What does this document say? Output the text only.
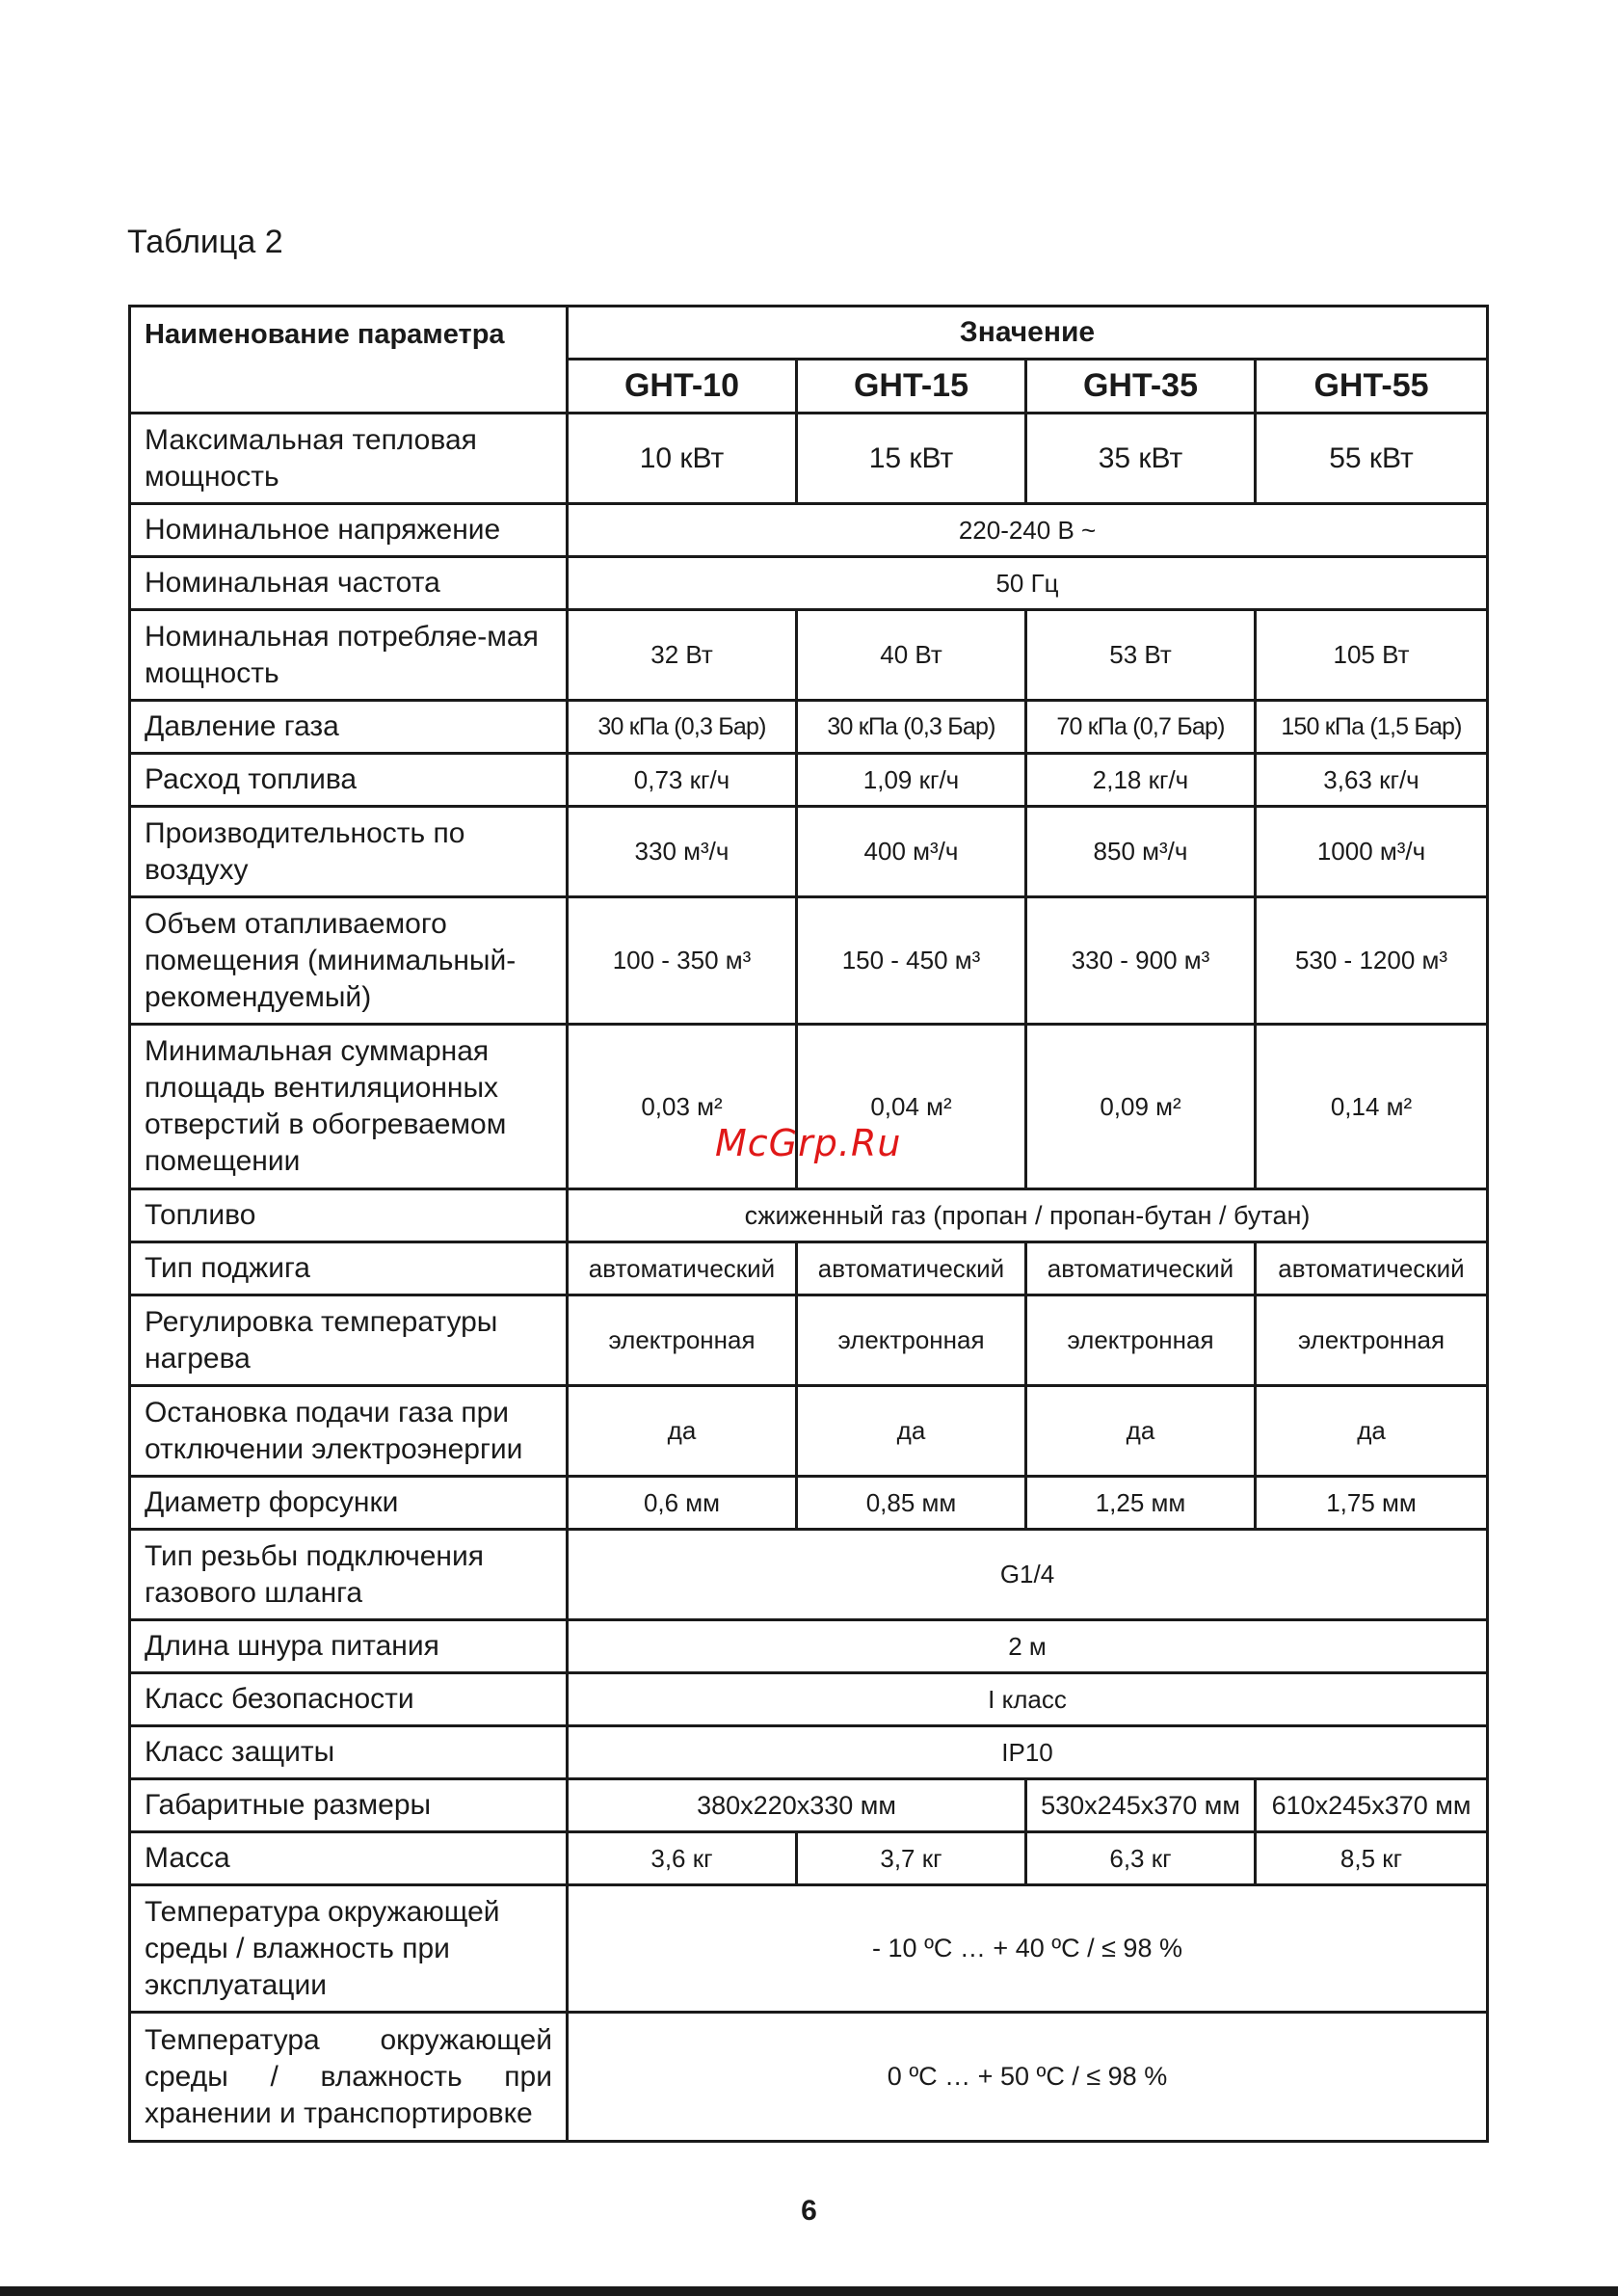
Таблица 2
Наименование параметра	Значение			
	GHT-10	GHT-15	GHT-35	GHT-55
Максимальная тепловая мощность	10 кВт	15 кВт	35 кВт	55 кВт
Номинальное напряжение	220-240 В ~			
Номинальная частота	50 Гц			
Номинальная потребляе-мая мощность	32 Вт	40 Вт	53 Вт	105 Вт
Давление газа	30 кПа (0,3 Бар)	30 кПа (0,3 Бар)	70 кПа (0,7 Бар)	150 кПа (1,5 Бар)
Расход топлива	0,73 кг/ч	1,09 кг/ч	2,18 кг/ч	3,63 кг/ч
Производительность по воздуху	330 м³/ч	400 м³/ч	850 м³/ч	1000 м³/ч
Объем отапливаемого помещения (минимальный-рекомендуемый)	100 - 350 м³	150 - 450 м³	330 - 900 м³	530 - 1200 м³
Минимальная суммарная площадь вентиляционных отверстий в обогреваемом помещении	0,03 м²	0,04 м²	0,09 м²	0,14 м²
Топливо	сжиженный газ (пропан / пропан-бутан / бутан)			
Тип поджига	автоматический	автоматический	автоматический	автоматический
Регулировка температуры нагрева	электронная	электронная	электронная	электронная
Остановка подачи газа при отключении электроэнергии	да	да	да	да
Диаметр форсунки	0,6 мм	0,85 мм	1,25 мм	1,75 мм
Тип резьбы подключения газового шланга	G1/4			
Длина шнура питания	2 м			
Класс безопасности	I класс			
Класс защиты	IP10			
Габаритные размеры	380x220x330 мм		530x245x370 мм	610x245x370 мм
Масса	3,6 кг	3,7 кг	6,3 кг	8,5 кг
Температура окружающей среды / влажность при эксплуатации	- 10 ºС … + 40 ºС / ≤ 98 %			
Температура окружающей среды / влажность при хранении и транспортировке	0 ºС … + 50 ºС / ≤ 98 %			
McGrp.Ru
6
